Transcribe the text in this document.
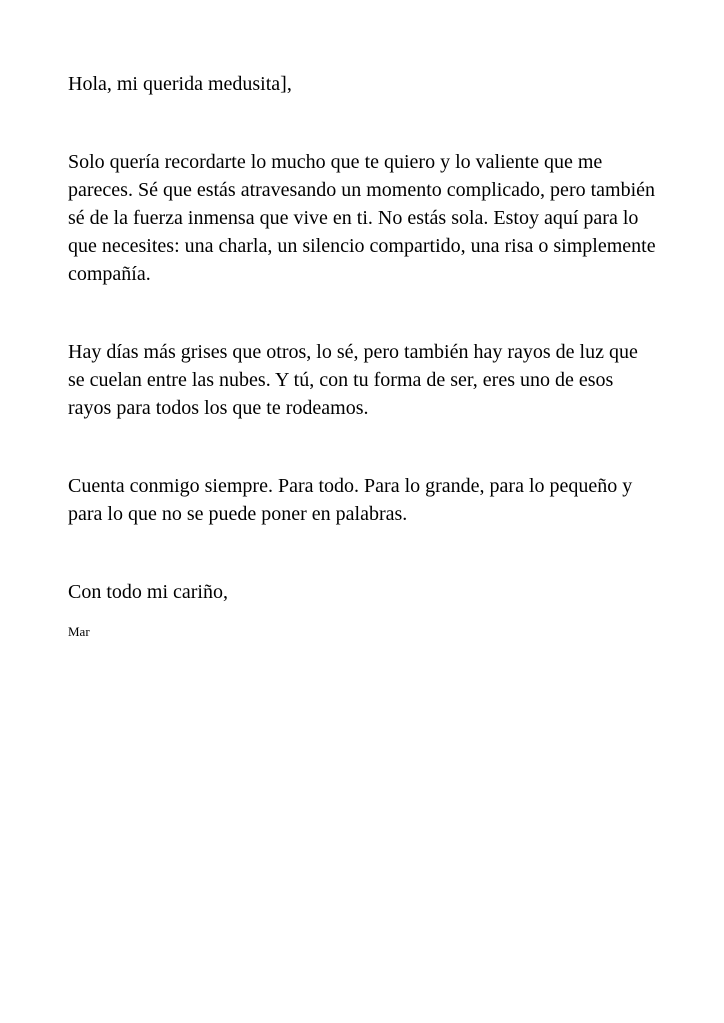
Hola, mi querida medusita],

Solo quería recordarte lo mucho que te quiero y lo valiente que me pareces. Sé que estás atravesando un momento complicado, pero también sé de la fuerza inmensa que vive en ti. No estás sola. Estoy aquí para lo que necesites: una charla, un silencio compartido, una risa o simplemente compañía.

Hay días más grises que otros, lo sé, pero también hay rayos de luz que se cuelan entre las nubes. Y tú, con tu forma de ser, eres uno de esos rayos para todos los que te rodeamos.

Cuenta conmigo siempre. Para todo. Para lo grande, para lo pequeño y para lo que no se puede poner en palabras.

Con todo mi cariño,

Mar
